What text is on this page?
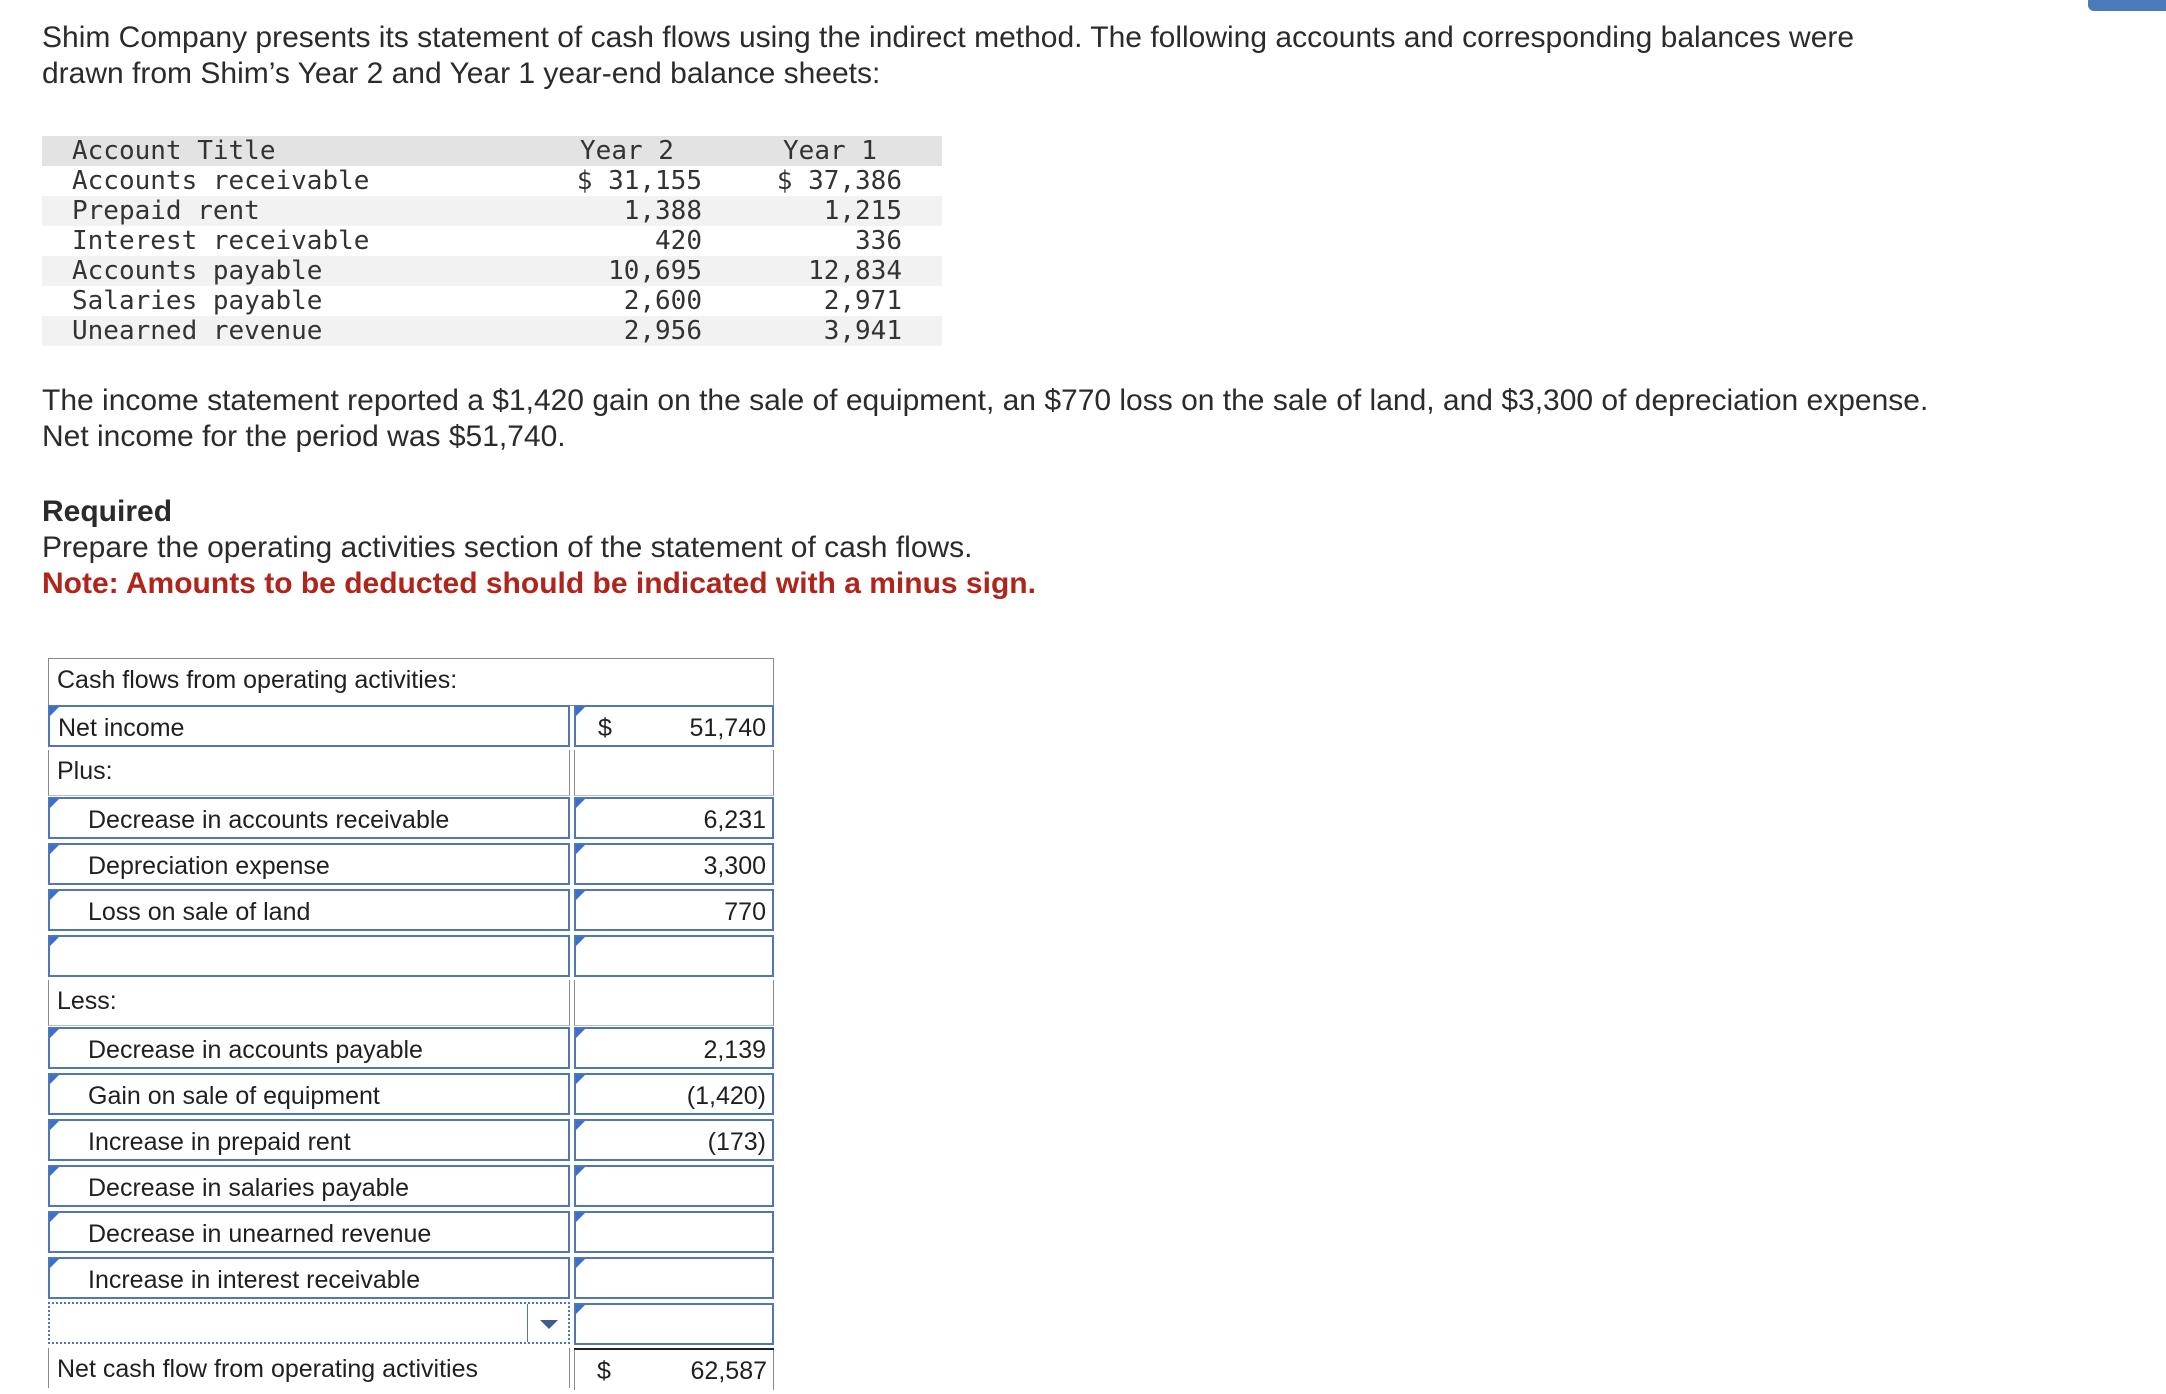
Shim Company presents its statement of cash flows using the indirect method. The following accounts and corresponding balances were drawn from Shim’s Year 2 and Year 1 year-end balance sheets:

Account Title	Year 2	Year 1
Accounts receivable	$ 31,155	$ 37,386
Prepaid rent	1,388	1,215
Interest receivable	420	336
Accounts payable	10,695	12,834
Salaries payable	2,600	2,971
Unearned revenue	2,956	3,941

The income statement reported a $1,420 gain on the sale of equipment, an $770 loss on the sale of land, and $3,300 of depreciation expense. Net income for the period was $51,740.

Required

Prepare the operating activities section of the statement of cash flows.

Note: Amounts to be deducted should be indicated with a minus sign.

Cash flows from operating activities:
Net income	$	51,740
Plus:
Decrease in accounts receivable	6,231
Depreciation expense	3,300
Loss on sale of land	770
Less:
Decrease in accounts payable	2,139
Gain on sale of equipment	(1,420)
Increase in prepaid rent	(173)
Decrease in salaries payable
Decrease in unearned revenue
Increase in interest receivable
Net cash flow from operating activities	$	62,587
